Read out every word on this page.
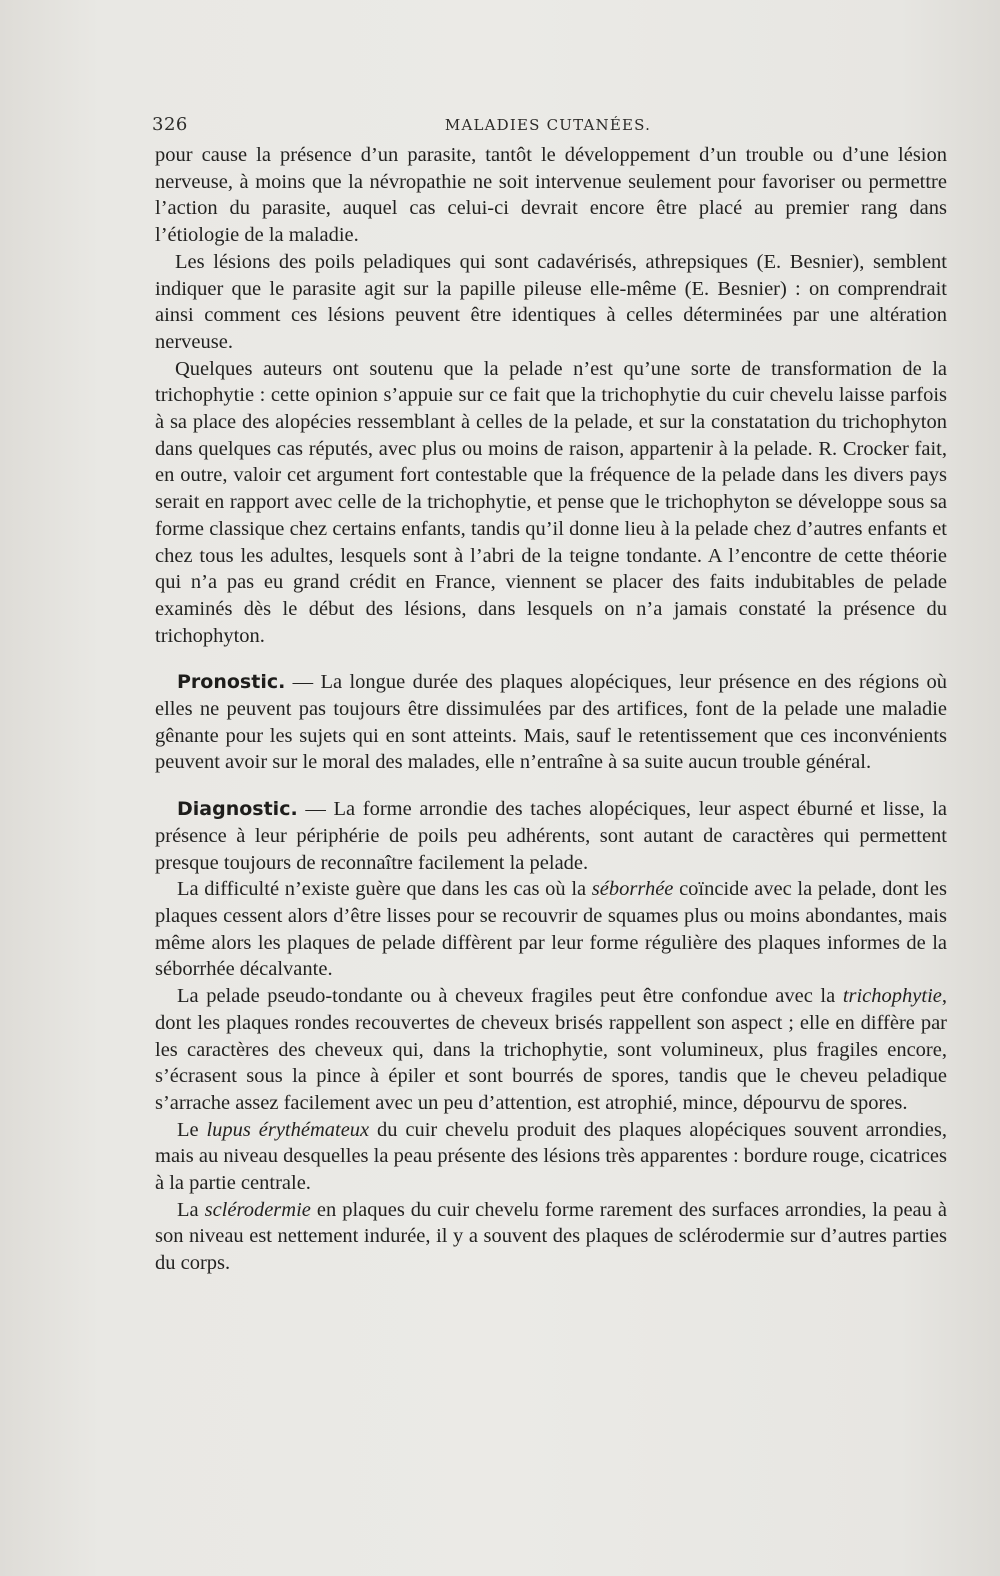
326	MALADIES CUTANÉES.

pour cause la présence d’un parasite, tantôt le développement d’un trouble ou d’une lésion nerveuse, à moins que la névropathie ne soit intervenue seulement pour favoriser ou permettre l’action du parasite, auquel cas celui-ci devrait encore être placé au premier rang dans l’étiologie de la maladie.

Les lésions des poils peladiques qui sont cadavérisés, athrepsiques (E. Besnier), semblent indiquer que le parasite agit sur la papille pileuse elle-même (E. Besnier) : on comprendrait ainsi comment ces lésions peuvent être identiques à celles déterminées par une altération nerveuse.

Quelques auteurs ont soutenu que la pelade n’est qu’une sorte de transformation de la trichophytie : cette opinion s’appuie sur ce fait que la trichophytie du cuir chevelu laisse parfois à sa place des alopécies ressemblant à celles de la pelade, et sur la constatation du trichophyton dans quelques cas réputés, avec plus ou moins de raison, appartenir à la pelade. R. Crocker fait, en outre, valoir cet argument fort contestable que la fréquence de la pelade dans les divers pays serait en rapport avec celle de la trichophytie, et pense que le trichophyton se développe sous sa forme classique chez certains enfants, tandis qu’il donne lieu à la pelade chez d’autres enfants et chez tous les adultes, lesquels sont à l’abri de la teigne tondante. A l’encontre de cette théorie qui n’a pas eu grand crédit en France, viennent se placer des faits indubitables de pelade examinés dès le début des lésions, dans lesquels on n’a jamais constaté la présence du trichophyton.

Pronostic. — La longue durée des plaques alopéciques, leur présence en des régions où elles ne peuvent pas toujours être dissimulées par des artifices, font de la pelade une maladie gênante pour les sujets qui en sont atteints. Mais, sauf le retentissement que ces inconvénients peuvent avoir sur le moral des malades, elle n’entraîne à sa suite aucun trouble général.

Diagnostic. — La forme arrondie des taches alopéciques, leur aspect éburné et lisse, la présence à leur périphérie de poils peu adhérents, sont autant de caractères qui permettent presque toujours de reconnaître facilement la pelade.

La difficulté n’existe guère que dans les cas où la séborrhée coïncide avec la pelade, dont les plaques cessent alors d’être lisses pour se recouvrir de squames plus ou moins abondantes, mais même alors les plaques de pelade diffèrent par leur forme régulière des plaques informes de la séborrhée décalvante.

La pelade pseudo-tondante ou à cheveux fragiles peut être confondue avec la trichophytie, dont les plaques rondes recouvertes de cheveux brisés rappellent son aspect ; elle en diffère par les caractères des cheveux qui, dans la trichophytie, sont volumineux, plus fragiles encore, s’écrasent sous la pince à épiler et sont bourrés de spores, tandis que le cheveu peladique s’arrache assez facilement avec un peu d’attention, est atrophié, mince, dépourvu de spores.

Le lupus érythémateux du cuir chevelu produit des plaques alopéciques souvent arrondies, mais au niveau desquelles la peau présente des lésions très apparentes : bordure rouge, cicatrices à la partie centrale.

La sclérodermie en plaques du cuir chevelu forme rarement des surfaces arrondies, la peau à son niveau est nettement indurée, il y a souvent des plaques de sclérodermie sur d’autres parties du corps.
